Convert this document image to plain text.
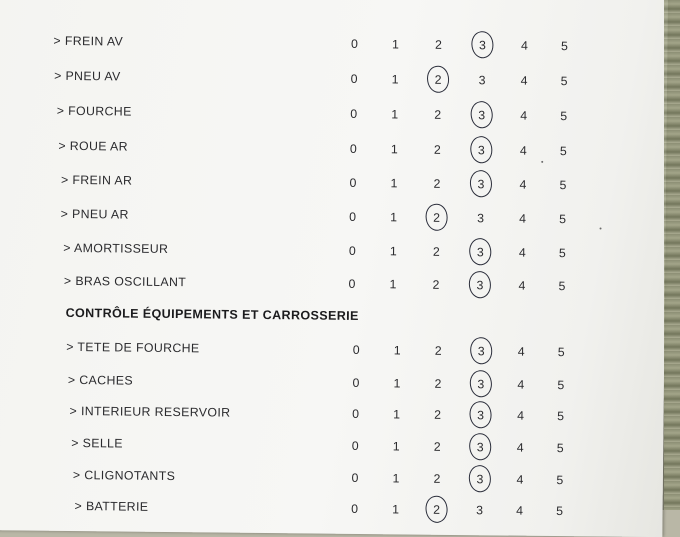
> FREIN AV	0	1	2	3	4	5
> PNEU AV	0	1	2	3	4	5
> FOURCHE	0	1	2	3	4	5
> ROUE AR	0	1	2	3	4	5
> FREIN AR	0	1	2	3	4	5
> PNEU AR	0	1	2	3	4	5
> AMORTISSEUR	0	1	2	3	4	5
> BRAS OSCILLANT	0	1	2	3	4	5
> TETE DE FOURCHE	0	1	2	3	4	5
> CACHES	0	1	2	3	4	5
> INTERIEUR RESERVOIR	0	1	2	3	4	5
> SELLE	0	1	2	3	4	5
> CLIGNOTANTS	0	1	2	3	4	5
> BATTERIE	0	1	2	3	4	5
CONTRÔLE ÉQUIPEMENTS ET CARROSSERIE
